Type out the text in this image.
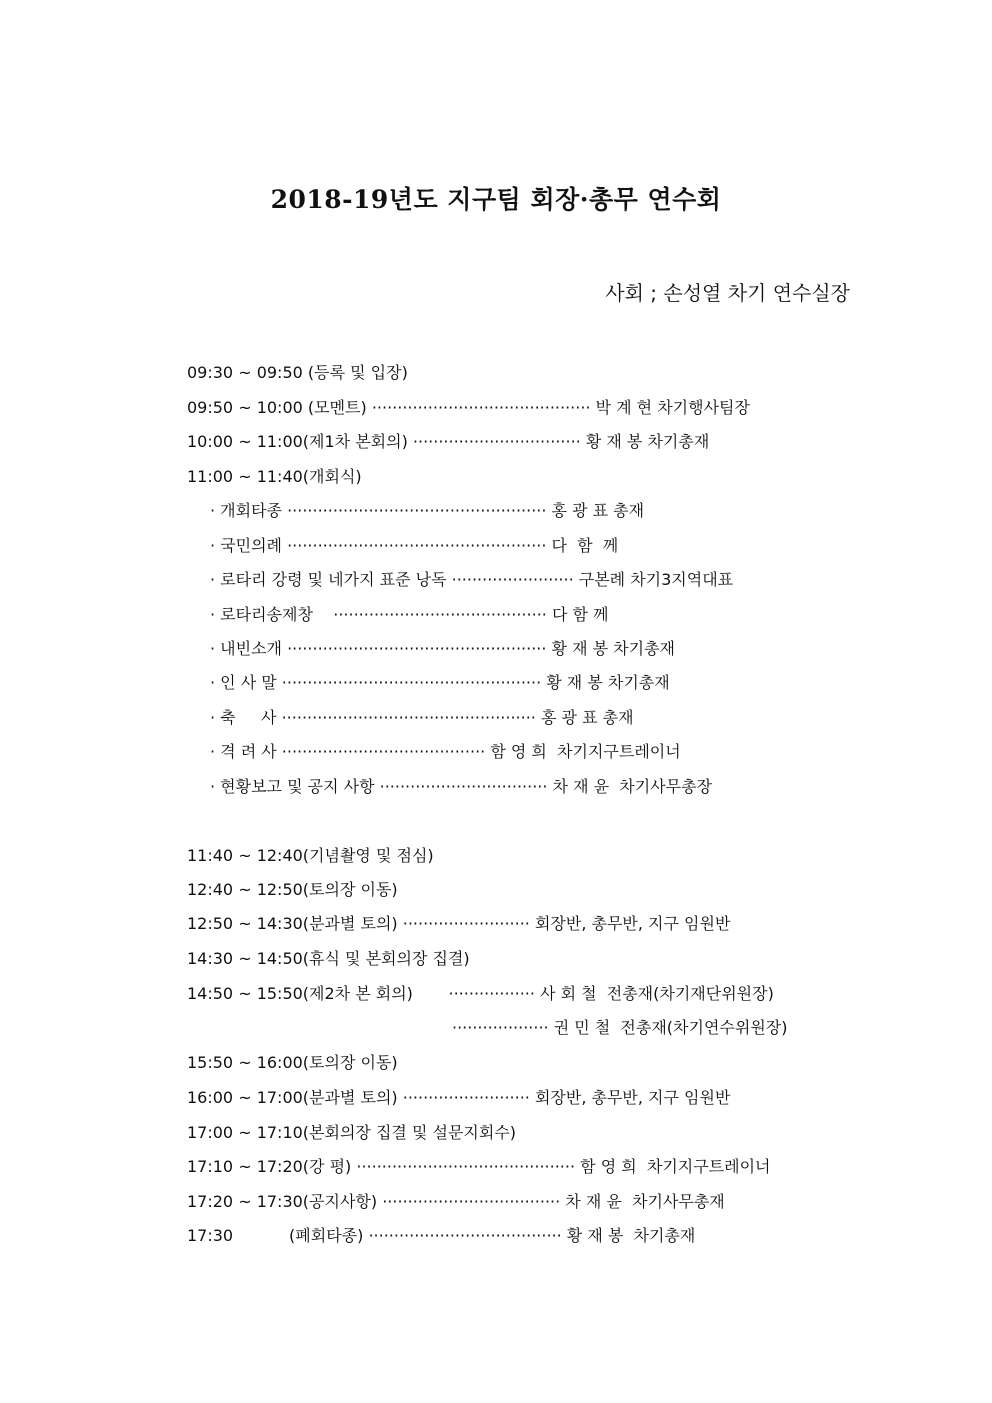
2018-19년도 지구팀 회장·총무 연수회
사회 ; 손성열 차기 연수실장
09:30 ~ 09:50 (등록 및 입장)
09:50 ~ 10:00 (모멘트) ··········································· 박 계 현 차기행사팀장
10:00 ~ 11:00(제1차 본회의) ································· 황 재 봉 차기총재
11:00 ~ 11:40(개회식)
· 개회타종 ··················································· 홍 광 표 총재
· 국민의례 ··················································· 다  함  께
· 로타리 강령 및 네가지 표준 낭독 ························ 구본례 차기3지역대표
· 로타리송제창    ·········································· 다 함 께
· 내빈소개 ··················································· 황 재 봉 차기총재
· 인 사 말 ··················································· 황 재 봉 차기총재
· 축     사 ·················································· 홍 광 표 총재
· 격 려 사 ········································ 함 영 희  차기지구트레이너
· 현황보고 및 공지 사항 ································· 차 재 윤  차기사무총장
11:40 ~ 12:40(기념촬영 및 점심)
12:40 ~ 12:50(토의장 이동)
12:50 ~ 14:30(분과별 토의) ························· 회장반, 총무반, 지구 임원반
14:30 ~ 14:50(휴식 및 본회의장 집결)
14:50 ~ 15:50(제2차 본 회의)       ················· 사 회 철  전총재(차기재단위원장)
··················· 권 민 철  전총재(차기연수위원장)
15:50 ~ 16:00(토의장 이동)
16:00 ~ 17:00(분과별 토의) ························· 회장반, 총무반, 지구 임원반
17:00 ~ 17:10(본회의장 집결 및 설문지회수)
17:10 ~ 17:20(강 평) ··········································· 함 영 희  차기지구트레이너
17:20 ~ 17:30(공지사항) ··································· 차 재 윤  차기사무총재
17:30           (폐회타종) ······································ 황 재 봉  차기총재
